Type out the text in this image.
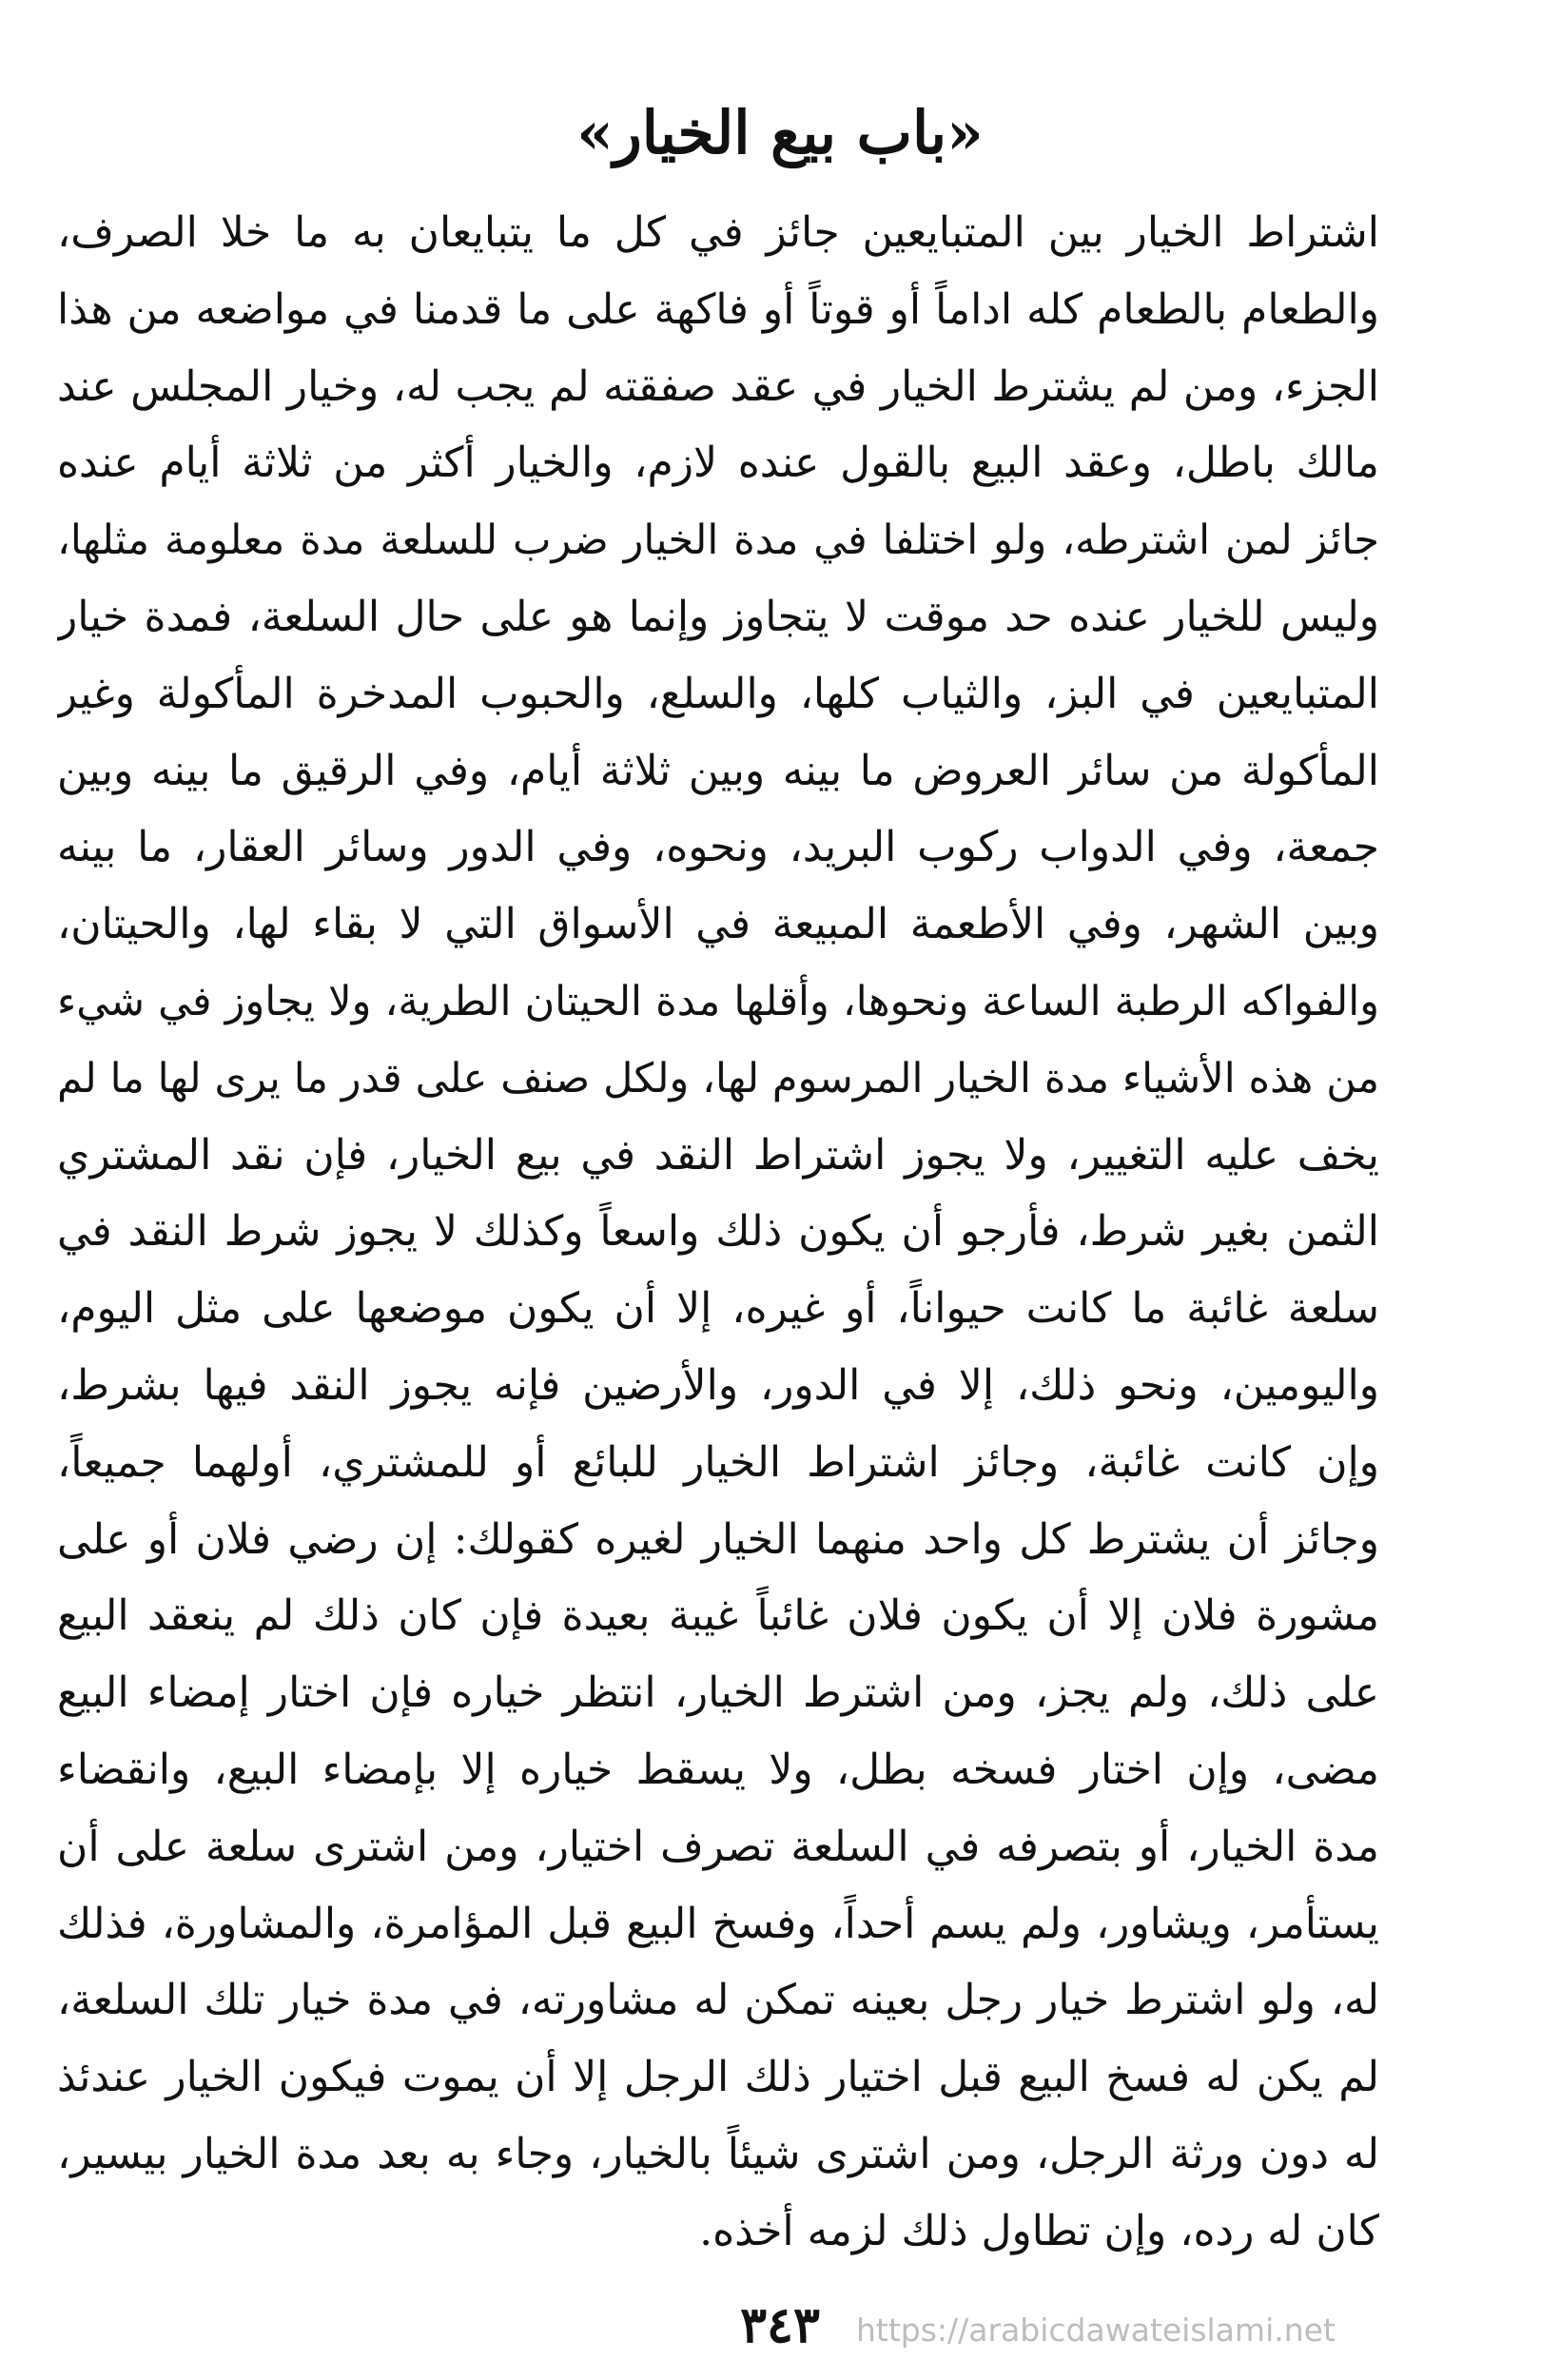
«باب بيع الخيار»
اشتراط الخيار بين المتبايعين جائز في كل ما يتبايعان به ما خلا الصرف،
والطعام بالطعام كله اداماً أو قوتاً أو فاكهة على ما قدمنا في مواضعه من هذا
الجزء، ومن لم يشترط الخيار في عقد صفقته لم يجب له، وخيار المجلس عند
مالك باطل، وعقد البيع بالقول عنده لازم، والخيار أكثر من ثلاثة أيام عنده
جائز لمن اشترطه، ولو اختلفا في مدة الخيار ضرب للسلعة مدة معلومة مثلها،
وليس للخيار عنده حد موقت لا يتجاوز وإنما هو على حال السلعة، فمدة خيار
المتبايعين في البز، والثياب كلها، والسلع، والحبوب المدخرة المأكولة وغير
المأكولة من سائر العروض ما بينه وبين ثلاثة أيام، وفي الرقيق ما بينه وبين
جمعة، وفي الدواب ركوب البريد، ونحوه، وفي الدور وسائر العقار، ما بينه
وبين الشهر، وفي الأطعمة المبيعة في الأسواق التي لا بقاء لها، والحيتان،
والفواكه الرطبة الساعة ونحوها، وأقلها مدة الحيتان الطرية، ولا يجاوز في شيء
من هذه الأشياء مدة الخيار المرسوم لها، ولكل صنف على قدر ما يرى لها ما لم
يخف عليه التغيير، ولا يجوز اشتراط النقد في بيع الخيار، فإن نقد المشتري
الثمن بغير شرط، فأرجو أن يكون ذلك واسعاً وكذلك لا يجوز شرط النقد في
سلعة غائبة ما كانت حيواناً، أو غيره، إلا أن يكون موضعها على مثل اليوم،
واليومين، ونحو ذلك، إلا في الدور، والأرضين فإنه يجوز النقد فيها بشرط،
وإن كانت غائبة، وجائز اشتراط الخيار للبائع أو للمشتري، أولهما جميعاً،
وجائز أن يشترط كل واحد منهما الخيار لغيره كقولك: إن رضي فلان أو على
مشورة فلان إلا أن يكون فلان غائباً غيبة بعيدة فإن كان ذلك لم ينعقد البيع
على ذلك، ولم يجز، ومن اشترط الخيار، انتظر خياره فإن اختار إمضاء البيع
مضى، وإن اختار فسخه بطل، ولا يسقط خياره إلا بإمضاء البيع، وانقضاء
مدة الخيار، أو بتصرفه في السلعة تصرف اختيار، ومن اشترى سلعة على أن
يستأمر، ويشاور، ولم يسم أحداً، وفسخ البيع قبل المؤامرة، والمشاورة، فذلك
له، ولو اشترط خيار رجل بعينه تمكن له مشاورته، في مدة خيار تلك السلعة،
لم يكن له فسخ البيع قبل اختيار ذلك الرجل إلا أن يموت فيكون الخيار عندئذ
له دون ورثة الرجل، ومن اشترى شيئاً بالخيار، وجاء به بعد مدة الخيار بيسير،
كان له رده، وإن تطاول ذلك لزمه أخذه.
٣٤٣	https://arabicdawateislami.net
